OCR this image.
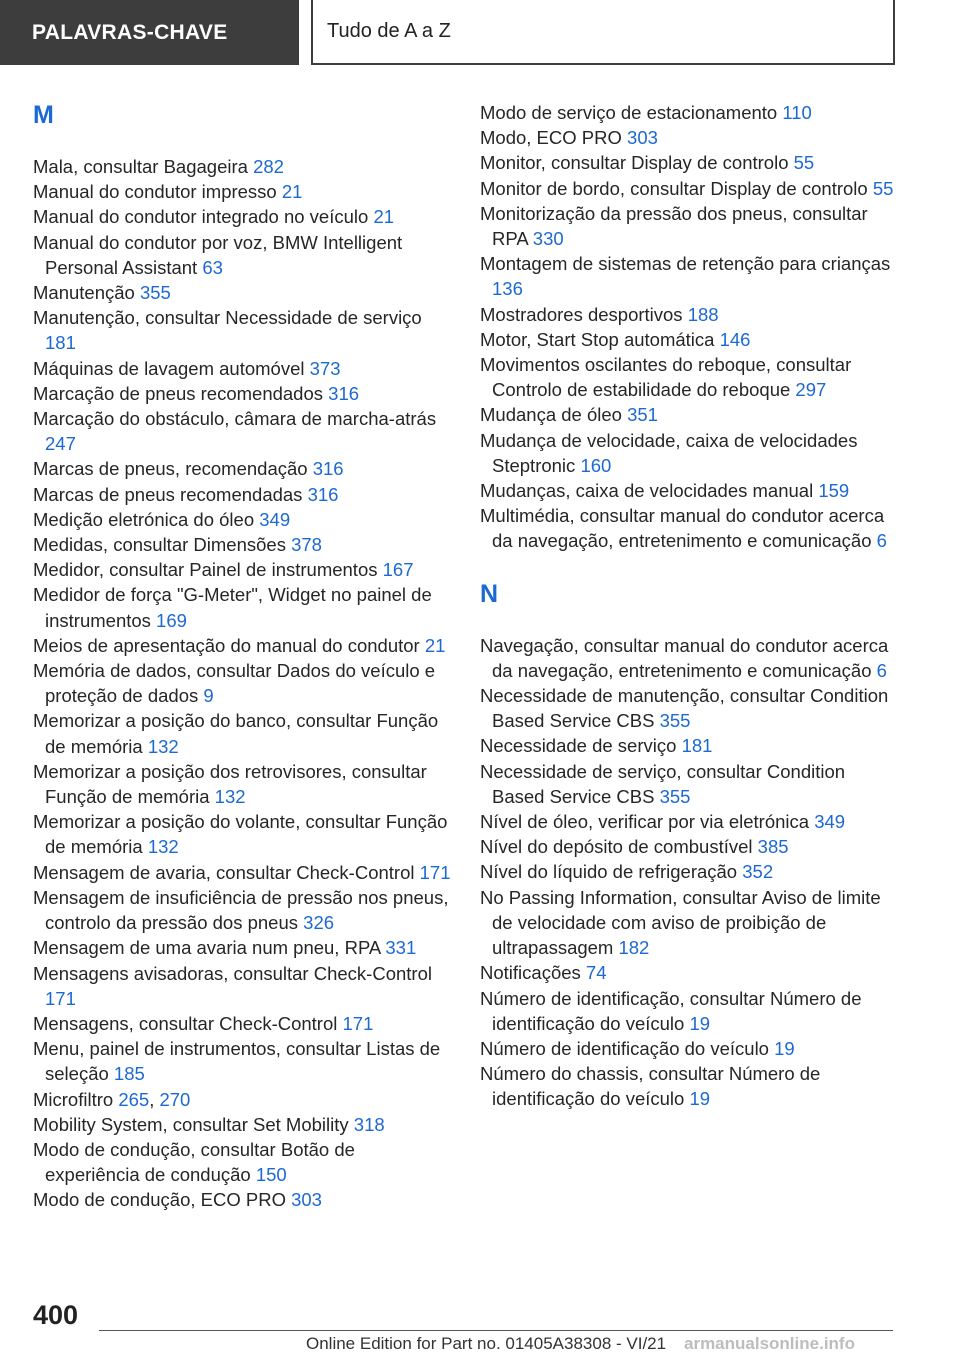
PALAVRAS-CHAVE	Tudo de A a Z
M
Mala, consultar Bagageira 282
Manual do condutor impresso 21
Manual do condutor integrado no veículo 21
Manual do condutor por voz, BMW Intelligent Personal Assistant 63
Manutenção 355
Manutenção, consultar Necessidade de serviço 181
Máquinas de lavagem automóvel 373
Marcação de pneus recomendados 316
Marcação do obstáculo, câmara de marcha-atrás 247
Marcas de pneus, recomendação 316
Marcas de pneus recomendadas 316
Medição eletrónica do óleo 349
Medidas, consultar Dimensões 378
Medidor, consultar Painel de instrumentos 167
Medidor de força "G-Meter", Widget no painel de instrumentos 169
Meios de apresentação do manual do condutor 21
Memória de dados, consultar Dados do veículo e proteção de dados 9
Memorizar a posição do banco, consultar Função de memória 132
Memorizar a posição dos retrovisores, consultar Função de memória 132
Memorizar a posição do volante, consultar Função de memória 132
Mensagem de avaria, consultar Check-Control 171
Mensagem de insuficiência de pressão nos pneus, controlo da pressão dos pneus 326
Mensagem de uma avaria num pneu, RPA 331
Mensagens avisadoras, consultar Check-Control 171
Mensagens, consultar Check-Control 171
Menu, painel de instrumentos, consultar Listas de seleção 185
Microfiltro 265, 270
Mobility System, consultar Set Mobility 318
Modo de condução, consultar Botão de experiência de condução 150
Modo de condução, ECO PRO 303
Modo de serviço de estacionamento 110
Modo, ECO PRO 303
Monitor, consultar Display de controlo 55
Monitor de bordo, consultar Display de controlo 55
Monitorização da pressão dos pneus, consultar RPA 330
Montagem de sistemas de retenção para crianças 136
Mostradores desportivos 188
Motor, Start Stop automática 146
Movimentos oscilantes do reboque, consultar Controlo de estabilidade do reboque 297
Mudança de óleo 351
Mudança de velocidade, caixa de velocidades Steptronic 160
Mudanças, caixa de velocidades manual 159
Multimédia, consultar manual do condutor acerca da navegação, entretenimento e comunicação 6
N
Navegação, consultar manual do condutor acerca da navegação, entretenimento e comunicação 6
Necessidade de manutenção, consultar Condition Based Service CBS 355
Necessidade de serviço 181
Necessidade de serviço, consultar Condition Based Service CBS 355
Nível de óleo, verificar por via eletrónica 349
Nível do depósito de combustível 385
Nível do líquido de refrigeração 352
No Passing Information, consultar Aviso de limite de velocidade com aviso de proibição de ultrapassagem 182
Notificações 74
Número de identificação, consultar Número de identificação do veículo 19
Número de identificação do veículo 19
Número do chassis, consultar Número de identificação do veículo 19
400
Online Edition for Part no. 01405A38308 - VI/21 armanualsonline.info
